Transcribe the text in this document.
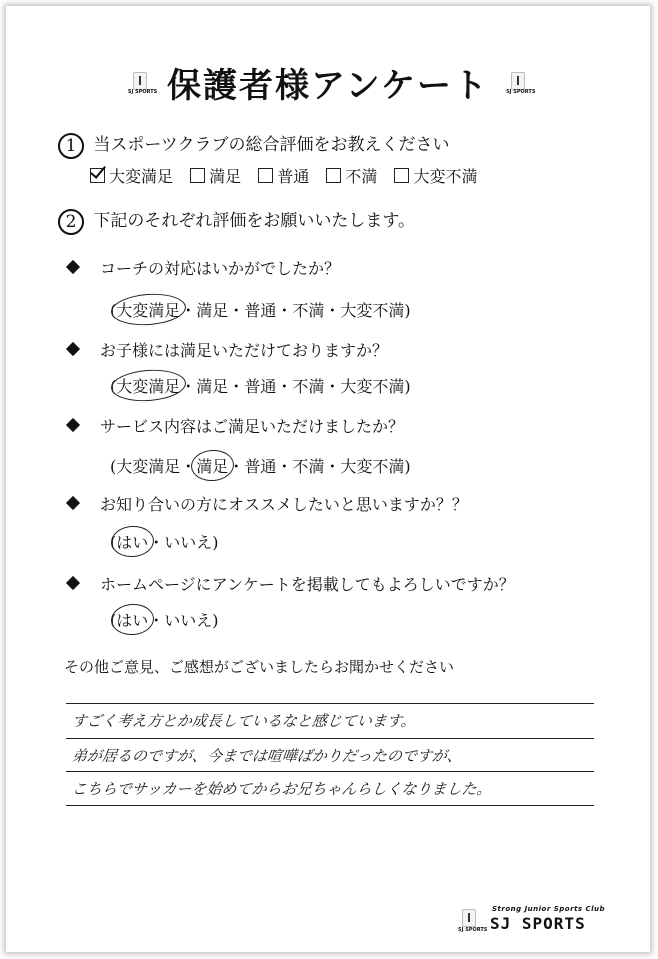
SJ SPORTS 保護者様アンケート	SJ SPORTS
1 当スポーツクラブの総合評価をお教えください
大変満足 満足 普通 不満 大変不満
2 下記のそれぞれ評価をお願いいたします。
コーチの対応はいかがでしたか？
(大変満足・満足・普通・不満・大変不満)
お子様には満足いただけておりますか？
(大変満足・満足・普通・不満・大変不満)
サービス内容はご満足いただけましたか？
(大変満足・満足・普通・不満・大変不満)
お知り合いの方にオススメしたいと思いますか？？
(はい・いいえ)
ホームページにアンケートを掲載してもよろしいですか？
(はい・いいえ)
その他ご意見、ご感想がございましたらお聞かせください
すごく考え方とか成長しているなと感じています。
弟が居るのですが、今までは喧嘩ばかりだったのですが、
こちらでサッカーを始めてからお兄ちゃんらしくなりました。
SJ SPORTS
Strong Junior Sports Club
SJ SPORTS
